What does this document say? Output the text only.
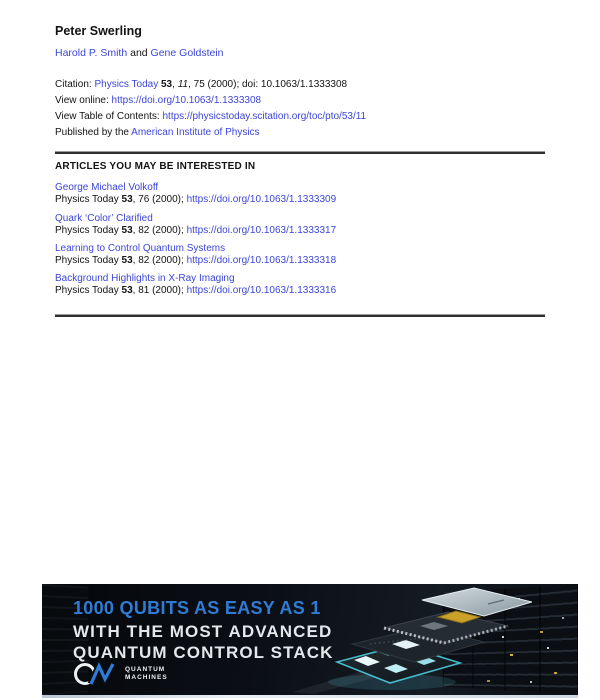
Peter Swerling
Harold P. Smith and Gene Goldstein
Citation: Physics Today 53, 11, 75 (2000); doi: 10.1063/1.1333308
View online: https://doi.org/10.1063/1.1333308
View Table of Contents: https://physicstoday.scitation.org/toc/pto/53/11
Published by the American Institute of Physics
ARTICLES YOU MAY BE INTERESTED IN
George Michael Volkoff
Physics Today 53, 76 (2000); https://doi.org/10.1063/1.1333309
Quark ‘Color’ Clarified
Physics Today 53, 82 (2000); https://doi.org/10.1063/1.1333317
Learning to Control Quantum Systems
Physics Today 53, 82 (2000); https://doi.org/10.1063/1.1333318
Background Highlights in X-Ray Imaging
Physics Today 53, 81 (2000); https://doi.org/10.1063/1.1333316
1000 QUBITS AS EASY AS 1
WITH THE MOST ADVANCED
QUANTUM CONTROL STACK
QUANTUM
MACHINES
